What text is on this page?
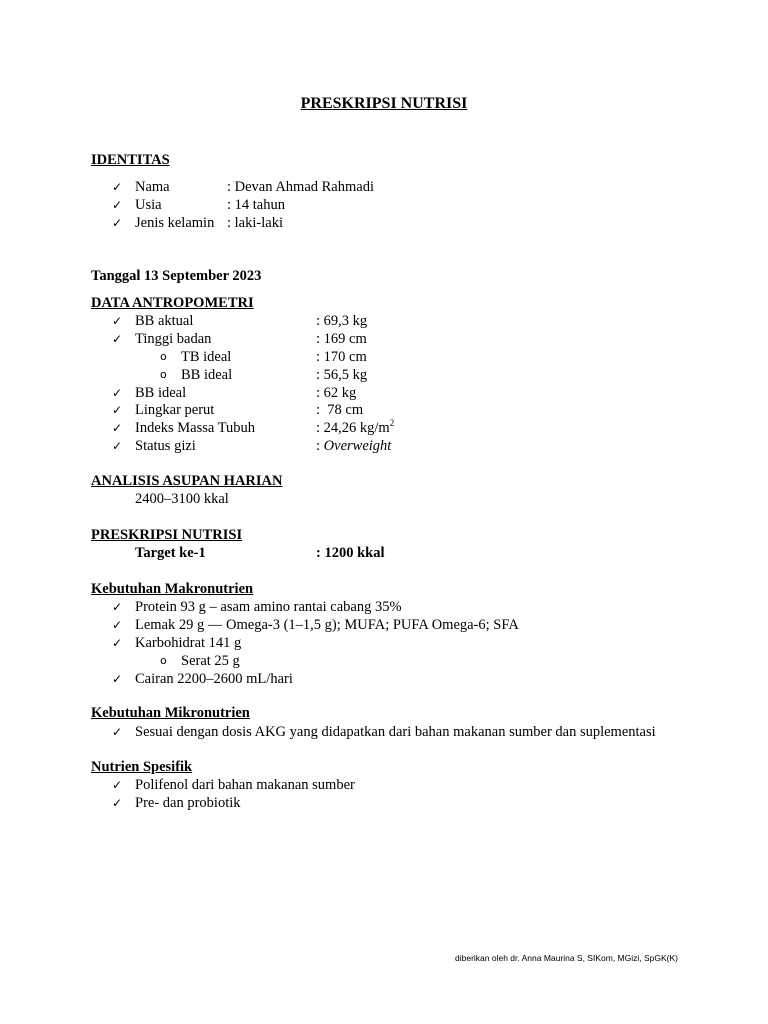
PRESKRIPSI NUTRISI
IDENTITAS
✓ Nama	: Devan Ahmad Rahmadi
✓ Usia	: 14 tahun
✓ Jenis kelamin : laki-laki
Tanggal 13 September 2023
DATA ANTROPOMETRI
✓ BB aktual	: 69,3 kg
✓ Tinggi badan	: 169 cm
o TB ideal	: 170 cm
o BB ideal	: 56,5 kg
✓ BB ideal	: 62 kg
✓ Lingkar perut	:  78 cm
✓ Indeks Massa Tubuh	: 24,26 $kg/m^2$
✓ Status gizi	: Overweight
ANALISIS ASUPAN HARIAN
2400–3100 kkal
PRESKRIPSI NUTRISI
Target ke-1	: 1200 kkal
Kebutuhan Makronutrien
✓ Protein 93 g – asam amino rantai cabang 35%
✓ Lemak 29 g — Omega-3 (1–1,5 g); MUFA; PUFA Omega-6; SFA
✓ Karbohidrat 141 g
o Serat 25 g
✓ Cairan 2200–2600 mL/hari
Kebutuhan Mikronutrien
✓ Sesuai dengan dosis AKG yang didapatkan dari bahan makanan sumber dan suplementasi
Nutrien Spesifik
✓ Polifenol dari bahan makanan sumber
✓ Pre- dan probiotik
diberikan oleh dr. Anna Maurina S, SIKom, MGizi, SpGK(K)
